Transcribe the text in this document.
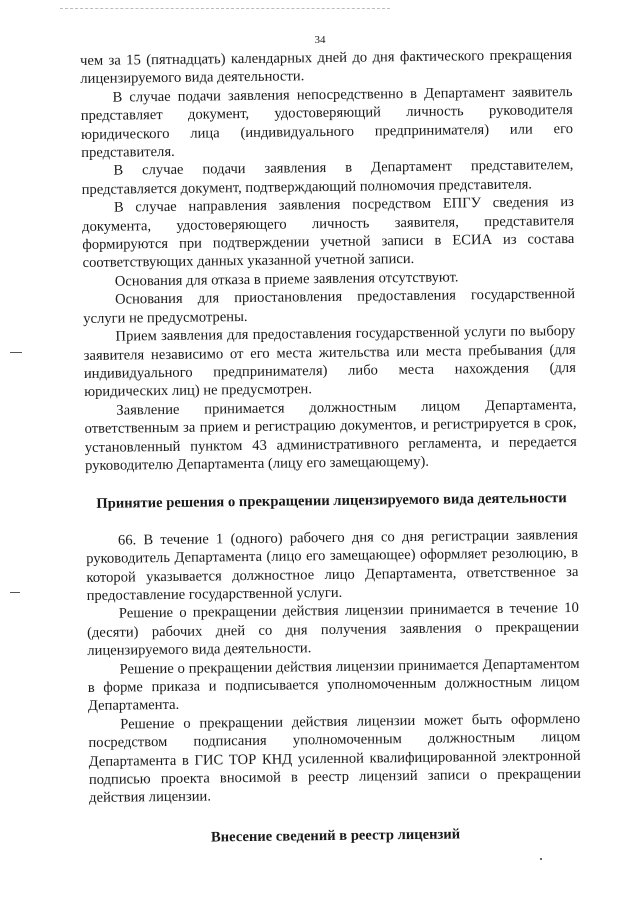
34

чем за 15 (пятнадцать) календарных дней до дня фактического прекращения лицензируемого вида деятельности.

В случае подачи заявления непосредственно в Департамент заявитель представляет документ, удостоверяющий личность руководителя юридического лица (индивидуального предпринимателя) или его представителя.

В случае подачи заявления в Департамент представителем, представляется документ, подтверждающий полномочия представителя.

В случае направления заявления посредством ЕПГУ сведения из документа, удостоверяющего личность заявителя, представителя формируются при подтверждении учетной записи в ЕСИА из состава соответствующих данных указанной учетной записи.

Основания для отказа в приеме заявления отсутствуют.

Основания для приостановления предоставления государственной услуги не предусмотрены.

Прием заявления для предоставления государственной услуги по выбору заявителя независимо от его места жительства или места пребывания (для индивидуального предпринимателя) либо места нахождения (для юридических лиц) не предусмотрен.

Заявление принимается должностным лицом Департамента, ответственным за прием и регистрацию документов, и регистрируется в срок, установленный пунктом 43 административного регламента, и передается руководителю Департамента (лицу его замещающему).

Принятие решения о прекращении лицензируемого вида деятельности

66. В течение 1 (одного) рабочего дня со дня регистрации заявления руководитель Департамента (лицо его замещающее) оформляет резолюцию, в которой указывается должностное лицо Департамента, ответственное за предоставление государственной услуги.

Решение о прекращении действия лицензии принимается в течение 10 (десяти) рабочих дней со дня получения заявления о прекращении лицензируемого вида деятельности.

Решение о прекращении действия лицензии принимается Департаментом в форме приказа и подписывается уполномоченным должностным лицом Департамента.

Решение о прекращении действия лицензии может быть оформлено посредством подписания уполномоченным должностным лицом Департамента в ГИС ТОР КНД усиленной квалифицированной электронной подписью проекта вносимой в реестр лицензий записи о прекращении действия лицензии.

Внесение сведений в реестр лицензий
